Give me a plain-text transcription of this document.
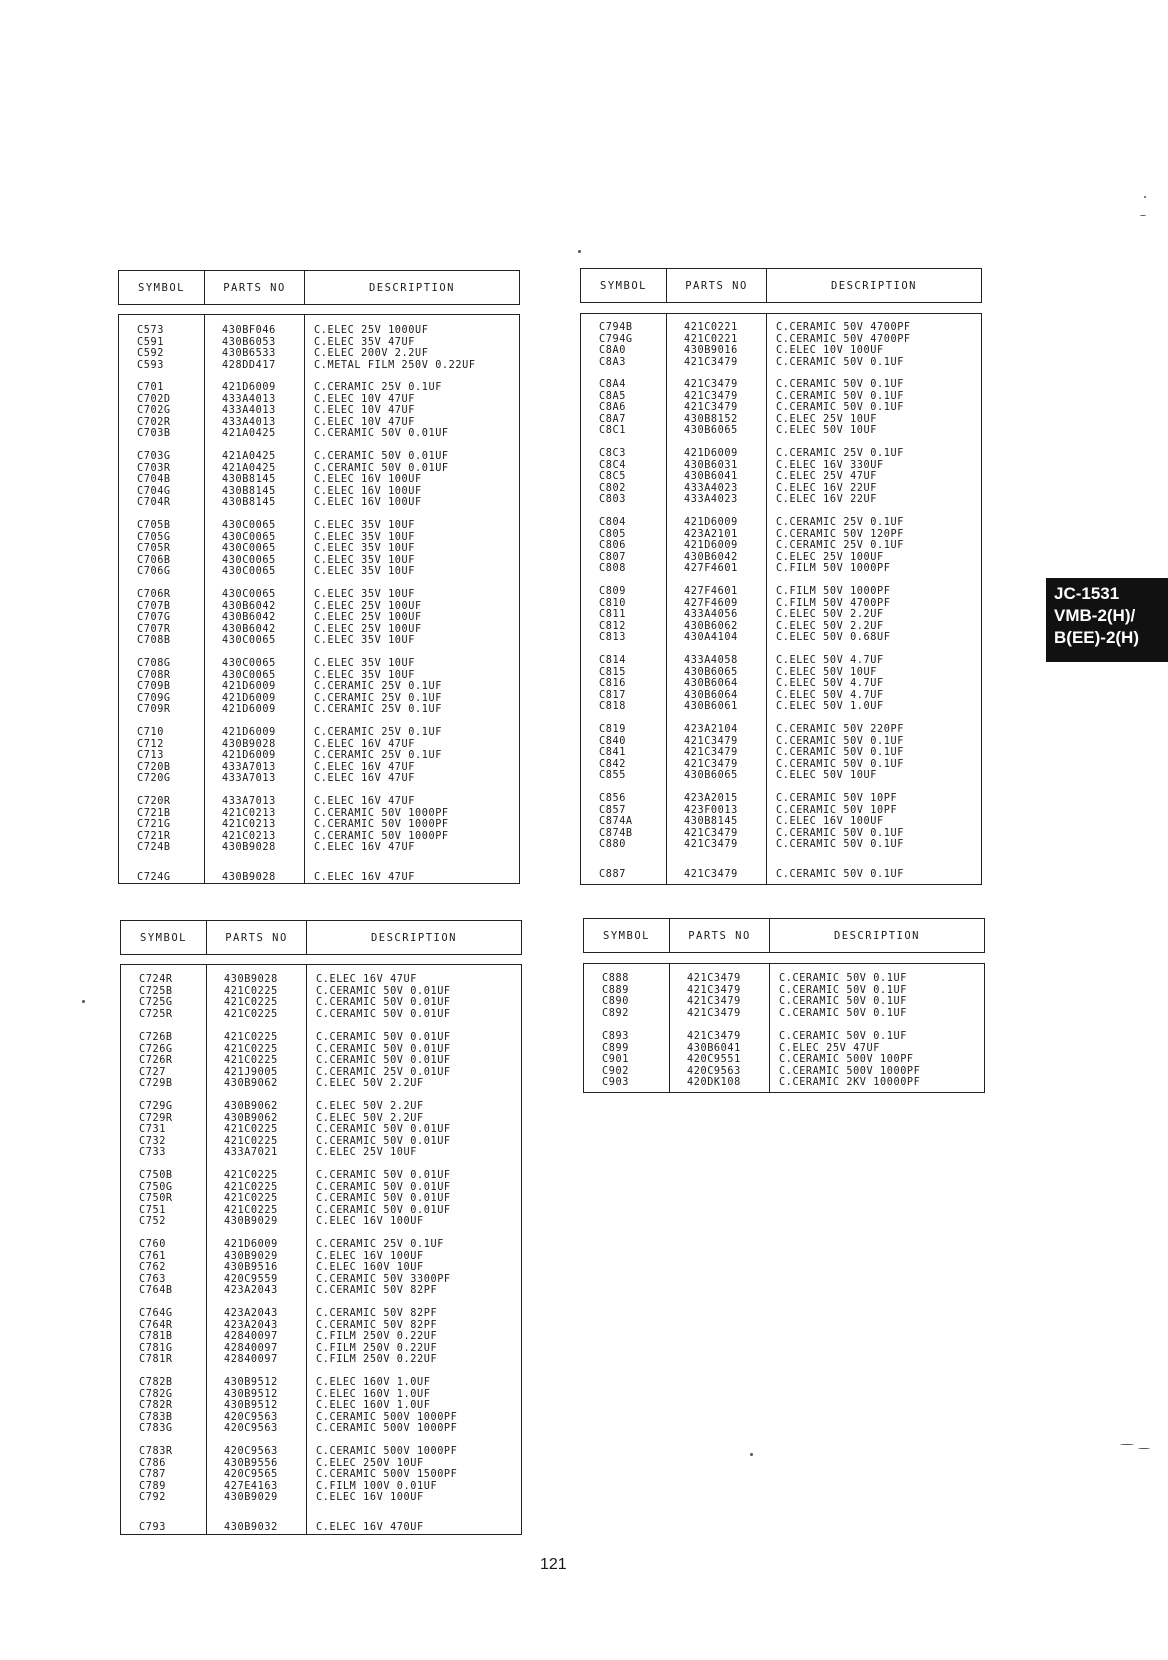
SYMBOL	PARTS NO	DESCRIPTION
C573	430BF046	C.ELEC 25V 1000UF
C591	430B6053	C.ELEC 35V 47UF
C592	430B6533	C.ELEC 200V 2.2UF
C593	428DD417	C.METAL FILM 250V 0.22UF
C701	421D6009	C.CERAMIC 25V 0.1UF
C702D	433A4013	C.ELEC 10V 47UF
C702G	433A4013	C.ELEC 10V 47UF
C702R	433A4013	C.ELEC 10V 47UF
C703B	421A0425	C.CERAMIC 50V 0.01UF
C703G	421A0425	C.CERAMIC 50V 0.01UF
C703R	421A0425	C.CERAMIC 50V 0.01UF
C704B	430B8145	C.ELEC 16V 100UF
C704G	430B8145	C.ELEC 16V 100UF
C704R	430B8145	C.ELEC 16V 100UF
C705B	430C0065	C.ELEC 35V 10UF
C705G	430C0065	C.ELEC 35V 10UF
C705R	430C0065	C.ELEC 35V 10UF
C706B	430C0065	C.ELEC 35V 10UF
C706G	430C0065	C.ELEC 35V 10UF
C706R	430C0065	C.ELEC 35V 10UF
C707B	430B6042	C.ELEC 25V 100UF
C707G	430B6042	C.ELEC 25V 100UF
C707R	430B6042	C.ELEC 25V 100UF
C708B	430C0065	C.ELEC 35V 10UF
C708G	430C0065	C.ELEC 35V 10UF
C708R	430C0065	C.ELEC 35V 10UF
C709B	421D6009	C.CERAMIC 25V 0.1UF
C709G	421D6009	C.CERAMIC 25V 0.1UF
C709R	421D6009	C.CERAMIC 25V 0.1UF
C710	421D6009	C.CERAMIC 25V 0.1UF
C712	430B9028	C.ELEC 16V 47UF
C713	421D6009	C.CERAMIC 25V 0.1UF
C720B	433A7013	C.ELEC 16V 47UF
C720G	433A7013	C.ELEC 16V 47UF
C720R	433A7013	C.ELEC 16V 47UF
C721B	421C0213	C.CERAMIC 50V 1000PF
C721G	421C0213	C.CERAMIC 50V 1000PF
C721R	421C0213	C.CERAMIC 50V 1000PF
C724B	430B9028	C.ELEC 16V 47UF
C724G	430B9028	C.ELEC 16V 47UF
SYMBOL	PARTS NO	DESCRIPTION
C794B	421C0221	C.CERAMIC 50V 4700PF
C794G	421C0221	C.CERAMIC 50V 4700PF
C8A0	430B9016	C.ELEC 10V 100UF
C8A3	421C3479	C.CERAMIC 50V 0.1UF
C8A4	421C3479	C.CERAMIC 50V 0.1UF
C8A5	421C3479	C.CERAMIC 50V 0.1UF
C8A6	421C3479	C.CERAMIC 50V 0.1UF
C8A7	430B8152	C.ELEC 25V 10UF
C8C1	430B6065	C.ELEC 50V 10UF
C8C3	421D6009	C.CERAMIC 25V 0.1UF
C8C4	430B6031	C.ELEC 16V 330UF
C8C5	430B6041	C.ELEC 25V 47UF
C802	433A4023	C.ELEC 16V 22UF
C803	433A4023	C.ELEC 16V 22UF
C804	421D6009	C.CERAMIC 25V 0.1UF
C805	423A2101	C.CERAMIC 50V 120PF
C806	421D6009	C.CERAMIC 25V 0.1UF
C807	430B6042	C.ELEC 25V 100UF
C808	427F4601	C.FILM 50V 1000PF
C809	427F4601	C.FILM 50V 1000PF
C810	427F4609	C.FILM 50V 4700PF
C811	433A4056	C.ELEC 50V 2.2UF
C812	430B6062	C.ELEC 50V 2.2UF
C813	430A4104	C.ELEC 50V 0.68UF
C814	433A4058	C.ELEC 50V 4.7UF
C815	430B6065	C.ELEC 50V 10UF
C816	430B6064	C.ELEC 50V 4.7UF
C817	430B6064	C.ELEC 50V 4.7UF
C818	430B6061	C.ELEC 50V 1.0UF
C819	423A2104	C.CERAMIC 50V 220PF
C840	421C3479	C.CERAMIC 50V 0.1UF
C841	421C3479	C.CERAMIC 50V 0.1UF
C842	421C3479	C.CERAMIC 50V 0.1UF
C855	430B6065	C.ELEC 50V 10UF
C856	423A2015	C.CERAMIC 50V 10PF
C857	423F0013	C.CERAMIC 50V 10PF
C874A	430B8145	C.ELEC 16V 100UF
C874B	421C3479	C.CERAMIC 50V 0.1UF
C880	421C3479	C.CERAMIC 50V 0.1UF
C887	421C3479	C.CERAMIC 50V 0.1UF
SYMBOL	PARTS NO	DESCRIPTION
C724R	430B9028	C.ELEC 16V 47UF
C725B	421C0225	C.CERAMIC 50V 0.01UF
C725G	421C0225	C.CERAMIC 50V 0.01UF
C725R	421C0225	C.CERAMIC 50V 0.01UF
C726B	421C0225	C.CERAMIC 50V 0.01UF
C726G	421C0225	C.CERAMIC 50V 0.01UF
C726R	421C0225	C.CERAMIC 50V 0.01UF
C727	421J9005	C.CERAMIC 25V 0.01UF
C729B	430B9062	C.ELEC 50V 2.2UF
C729G	430B9062	C.ELEC 50V 2.2UF
C729R	430B9062	C.ELEC 50V 2.2UF
C731	421C0225	C.CERAMIC 50V 0.01UF
C732	421C0225	C.CERAMIC 50V 0.01UF
C733	433A7021	C.ELEC 25V 10UF
C750B	421C0225	C.CERAMIC 50V 0.01UF
C750G	421C0225	C.CERAMIC 50V 0.01UF
C750R	421C0225	C.CERAMIC 50V 0.01UF
C751	421C0225	C.CERAMIC 50V 0.01UF
C752	430B9029	C.ELEC 16V 100UF
C760	421D6009	C.CERAMIC 25V 0.1UF
C761	430B9029	C.ELEC 16V 100UF
C762	430B9516	C.ELEC 160V 10UF
C763	420C9559	C.CERAMIC 50V 3300PF
C764B	423A2043	C.CERAMIC 50V 82PF
C764G	423A2043	C.CERAMIC 50V 82PF
C764R	423A2043	C.CERAMIC 50V 82PF
C781B	42840097	C.FILM 250V 0.22UF
C781G	42840097	C.FILM 250V 0.22UF
C781R	42840097	C.FILM 250V 0.22UF
C782B	430B9512	C.ELEC 160V 1.0UF
C782G	430B9512	C.ELEC 160V 1.0UF
C782R	430B9512	C.ELEC 160V 1.0UF
C783B	420C9563	C.CERAMIC 500V 1000PF
C783G	420C9563	C.CERAMIC 500V 1000PF
C783R	420C9563	C.CERAMIC 500V 1000PF
C786	430B9556	C.ELEC 250V 10UF
C787	420C9565	C.CERAMIC 500V 1500PF
C789	427E4163	C.FILM 100V 0.01UF
C792	430B9029	C.ELEC 16V 100UF
C793	430B9032	C.ELEC 16V 470UF
SYMBOL	PARTS NO	DESCRIPTION
C888	421C3479	C.CERAMIC 50V 0.1UF
C889	421C3479	C.CERAMIC 50V 0.1UF
C890	421C3479	C.CERAMIC 50V 0.1UF
C892	421C3479	C.CERAMIC 50V 0.1UF
C893	421C3479	C.CERAMIC 50V 0.1UF
C899	430B6041	C.ELEC 25V 47UF
C901	420C9551	C.CERAMIC 500V 100PF
C902	420C9563	C.CERAMIC 500V 1000PF
C903	420DK108	C.CERAMIC 2KV 10000PF
121
JC-1531
VMB-2(H)/
B(EE)-2(H)
